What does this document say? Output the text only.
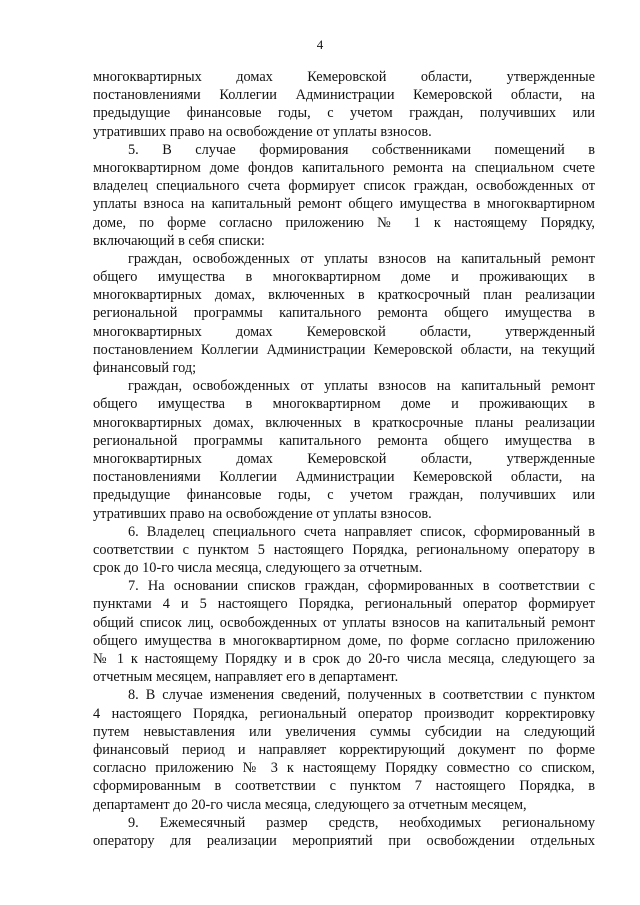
4
многоквартирных домах Кемеровской области, утвержденные
постановлениями Коллегии Администрации Кемеровской области, на
предыдущие финансовые годы, с учетом граждан, получивших или
утративших право на освобождение от уплаты взносов.
5. В случае формирования собственниками помещений в
многоквартирном доме фондов капитального ремонта на специальном счете
владелец специального счета формирует список граждан, освобожденных от
уплаты взноса на капитальный ремонт общего имущества в многоквартирном
доме, по форме согласно приложению № 1 к настоящему Порядку,
включающий в себя списки:
граждан, освобожденных от уплаты взносов на капитальный ремонт
общего имущества в многоквартирном доме и проживающих в
многоквартирных домах, включенных в краткосрочный план реализации
региональной программы капитального ремонта общего имущества в
многоквартирных домах Кемеровской области, утвержденный
постановлением Коллегии Администрации Кемеровской области, на текущий
финансовый год;
граждан, освобожденных от уплаты взносов на капитальный ремонт
общего имущества в многоквартирном доме и проживающих в
многоквартирных домах, включенных в краткосрочные планы реализации
региональной программы капитального ремонта общего имущества в
многоквартирных домах Кемеровской области, утвержденные
постановлениями Коллегии Администрации Кемеровской области, на
предыдущие финансовые годы, с учетом граждан, получивших или
утративших право на освобождение от уплаты взносов.
6. Владелец специального счета направляет список, сформированный в
соответствии с пунктом 5 настоящего Порядка, региональному оператору в
срок до 10-го числа месяца, следующего за отчетным.
7. На основании списков граждан, сформированных в соответствии с
пунктами 4 и 5 настоящего Порядка, региональный оператор формирует
общий список лиц, освобожденных от уплаты взносов на капитальный ремонт
общего имущества в многоквартирном доме, по форме согласно приложению
№ 1 к настоящему Порядку и в срок до 20-го числа месяца, следующего за
отчетным месяцем, направляет его в департамент.
8. В случае изменения сведений, полученных в соответствии с пунктом
4 настоящего Порядка, региональный оператор производит корректировку
путем невыставления или увеличения суммы субсидии на следующий
финансовый период и направляет корректирующий документ по форме
согласно приложению № 3 к настоящему Порядку совместно со списком,
сформированным в соответствии с пунктом 7 настоящего Порядка, в
департамент до 20-го числа месяца, следующего за отчетным месяцем,
9. Ежемесячный размер средств, необходимых региональному
оператору для реализации мероприятий при освобождении отдельных
